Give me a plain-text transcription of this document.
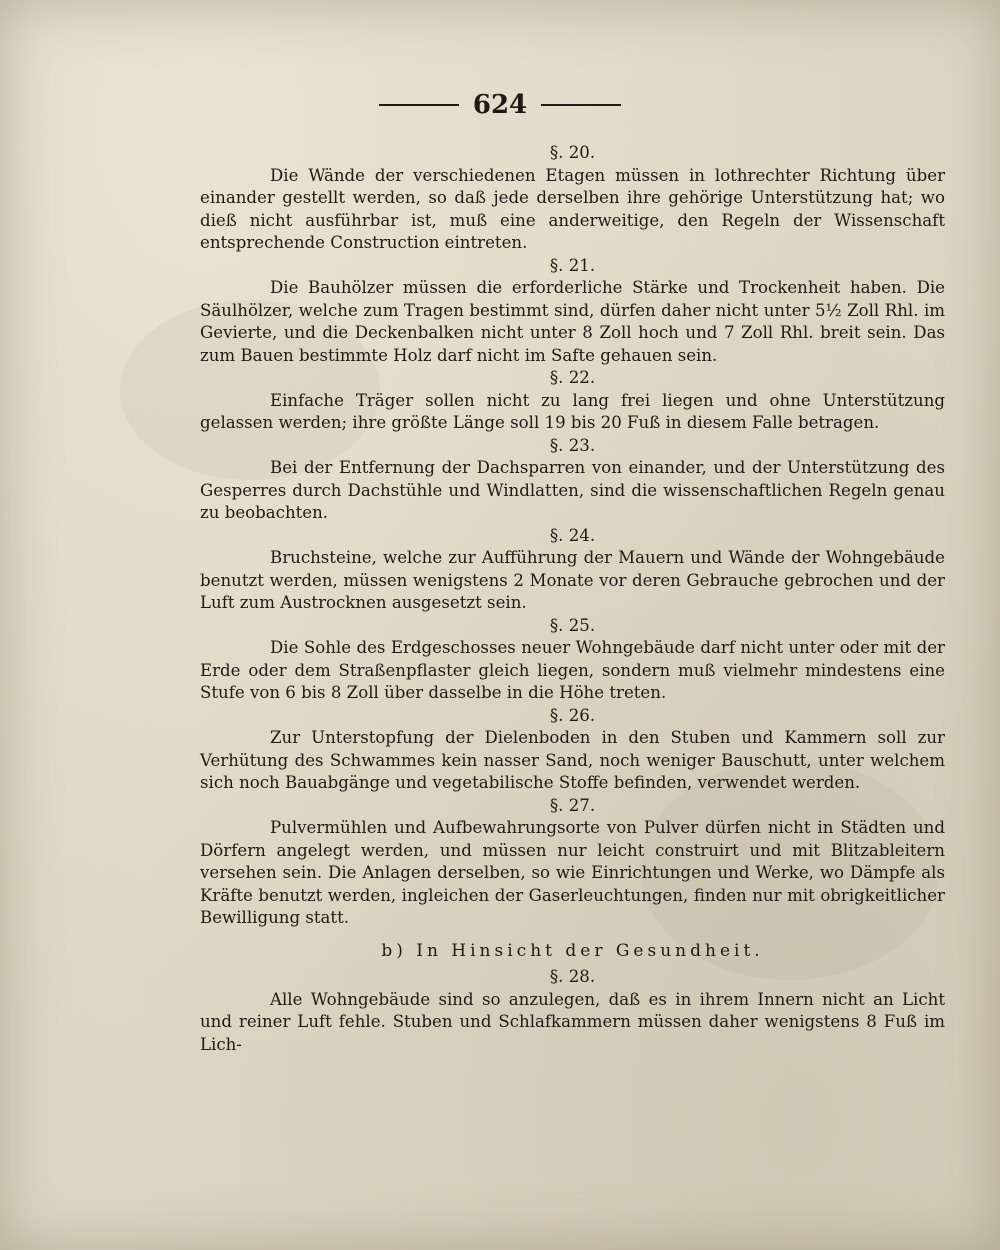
624
§. 20.

Die Wände der verschiedenen Etagen müssen in lothrechter Richtung über einander gestellt werden, so daß jede derselben ihre gehörige Unterstützung hat; wo dieß nicht ausführbar ist, muß eine anderweitige, den Regeln der Wissenschaft entsprechende Construction eintreten.

§. 21.

Die Bauhölzer müssen die erforderliche Stärke und Trockenheit haben. Die Säulhölzer, welche zum Tragen bestimmt sind, dürfen daher nicht unter 5½ Zoll Rhl. im Gevierte, und die Deckenbalken nicht unter 8 Zoll hoch und 7 Zoll Rhl. breit sein. Das zum Bauen bestimmte Holz darf nicht im Safte gehauen sein.

§. 22.

Einfache Träger sollen nicht zu lang frei liegen und ohne Unterstützung gelassen werden; ihre größte Länge soll 19 bis 20 Fuß in diesem Falle betragen.

§. 23.

Bei der Entfernung der Dachsparren von einander, und der Unterstützung des Gesperres durch Dachstühle und Windlatten, sind die wissenschaftlichen Regeln genau zu beobachten.

§. 24.

Bruchsteine, welche zur Aufführung der Mauern und Wände der Wohngebäude benutzt werden, müssen wenigstens 2 Monate vor deren Gebrauche gebrochen und der Luft zum Austrocknen ausgesetzt sein.

§. 25.

Die Sohle des Erdgeschosses neuer Wohngebäude darf nicht unter oder mit der Erde oder dem Straßenpflaster gleich liegen, sondern muß vielmehr mindestens eine Stufe von 6 bis 8 Zoll über dasselbe in die Höhe treten.

§. 26.

Zur Unterstopfung der Dielenboden in den Stuben und Kammern soll zur Verhütung des Schwammes kein nasser Sand, noch weniger Bauschutt, unter welchem sich noch Bauabgänge und vegetabilische Stoffe befinden, verwendet werden.

§. 27.

Pulvermühlen und Aufbewahrungsorte von Pulver dürfen nicht in Städten und Dörfern angelegt werden, und müssen nur leicht construirt und mit Blitzableitern versehen sein. Die Anlagen derselben, so wie Einrichtungen und Werke, wo Dämpfe als Kräfte benutzt werden, ingleichen der Gaserleuchtungen, finden nur mit obrigkeitlicher Bewilligung statt.

b) In Hinsicht der Gesundheit.
§. 28.

Alle Wohngebäude sind so anzulegen, daß es in ihrem Innern nicht an Licht und reiner Luft fehle. Stuben und Schlafkammern müssen daher wenigstens 8 Fuß im Lich-
